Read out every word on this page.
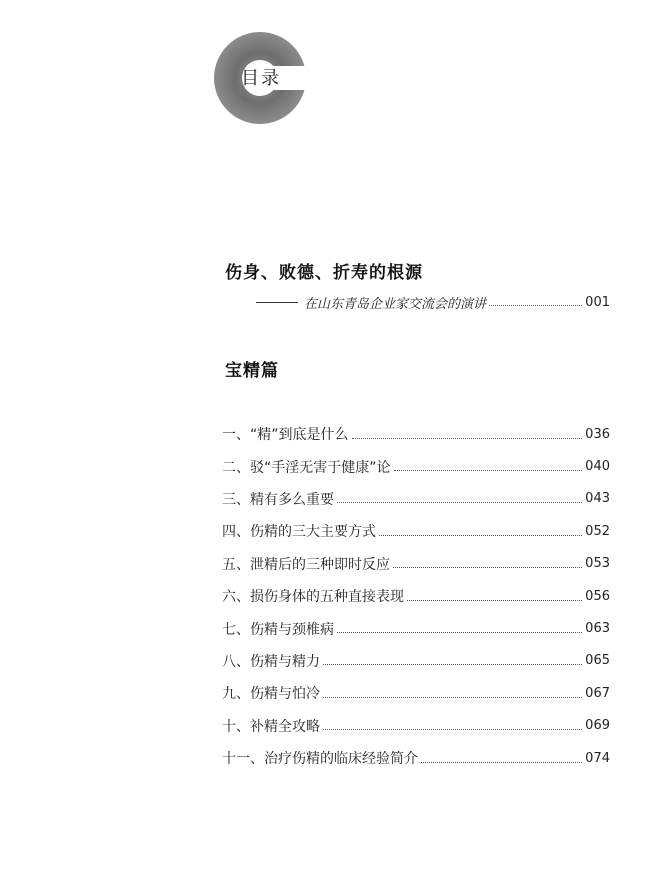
目录
伤身、败德、折寿的根源
在山东青岛企业家交流会的演讲	001
宝精篇
一、“精”到底是什么	036
二、驳“手淫无害于健康”论	040
三、精有多么重要	043
四、伤精的三大主要方式	052
五、泄精后的三种即时反应	053
六、损伤身体的五种直接表现	056
七、伤精与颈椎病	063
八、伤精与精力	065
九、伤精与怕冷	067
十、补精全攻略	069
十一、治疗伤精的临床经验简介	074
